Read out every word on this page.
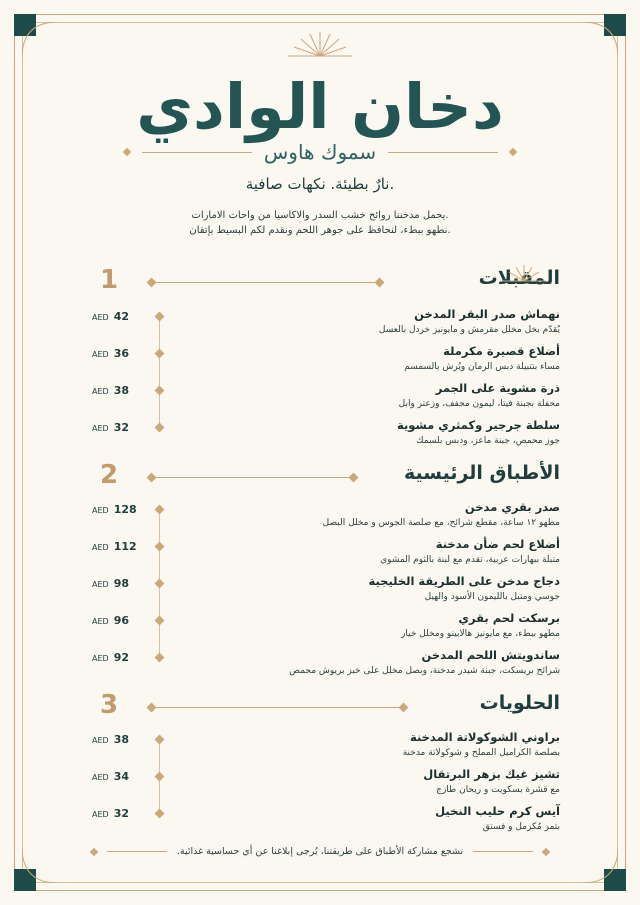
دخان الوادي
سموك هاوس
نارٌ بطيئة. نكهات صافية.
يحمل مدخننا روائح خشب السدر والاكاسيا من واحات الامارات.
نطهو ببطء، لنحافظ على جوهر اللحم ونقدم لكم البسيط بإتقان.
1	المقبلات
AED 42	نهماش صدر البقر المدخن
يُقدّم بخل مخلل مقرمش و مايونيز خردل بالعسل
AED 36	أضلاع قصيرة مكرملة
مساء بتتبيلة دبس الرمان ويُرش بالسمسم
AED 38	ذرة مشوية على الجمر
محفلة بجبنة فيتا، ليمون مجفف، وزعتر وابل
AED 32	سلطة جرجير وكمثري مشوية
جوز محمص، جبنة ماعز، ودبس بلسمك
2	الأطباق الرئيسية
AED 128	صدر بقري مدخن
مطهو ١٢ ساعة، مقطع شرائح، مع صلصة الجوس و مخلل البصل
AED 112	أضلاع لحم ضأن مدخنة
متبلة ببهارات عربية، تقدم مع لبنة بالثوم المشوي
AED 98	دجاج مدخن على الطريقة الخليجية
جوسي ومتبل بالليمون الأسود والهيل
AED 96	برسكت لحم بقري
مطهو ببطء، مع مايونيز هالابينو ومخلل خيار
AED 92	ساندويتش اللحم المدخن
شرائح بريسكت، جبنة شيدر مدخنة، وبصل مخلل على خبز بريوش محمص
3	الحلويات
AED 38	براوني الشوكولاتة المدخنة
بصلصة الكراميل المملح و شوكولاتة مدخنة
AED 34	تشيز غيك بزهر البرتقال
مع قشرة بسكويت و ريحان طازج
AED 32	آيس كرم حليب النخيل
بتمر مُكرمل و فستق
نشجع مشاركة الأطباق على طريقتنا، يُرجى إبلاغنا عن أي حساسية غذائية.
